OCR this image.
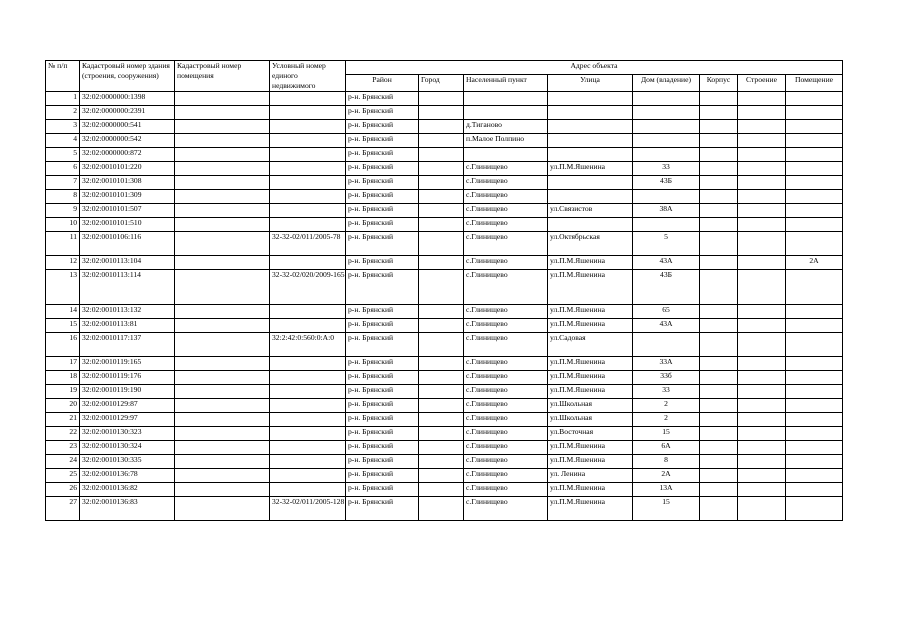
№ п/п	Кадастровый номер здания (строения, сооружения)	Кадастровый номер помещения	Условный номер единого недвижимого	Адрес объекта							
				Район	Город	Населенный пункт	Улица	Дом (владение)	Корпус	Строение	Помещение
1	32:02:0000000:1398			р-н. Брянский							
2	32:02:0000000:2391			р-н. Брянский							
3	32:02:0000000:541			р-н. Брянский		д.Тиганово					
4	32:02:0000000:542			р-н. Брянский		п.Малое Полпино					
5	32:02:0000000:872			р-н. Брянский							
6	32:02:0010101:220			р-н. Брянский		с.Глинищево	ул.П.М.Яшенина	33			
7	32:02:0010101:308			р-н. Брянский		с.Глинищево		43Б			
8	32:02:0010101:309			р-н. Брянский		с.Глинищево					
9	32:02:0010101:507			р-н. Брянский		с.Глинищево	ул.Связистов	38А			
10	32:02:0010101:510			р-н. Брянский		с.Глинищево					
11	32:02:0010106:116		32-32-02/011/2005-78	р-н. Брянский		с.Глинищево	ул.Октябрьская	5			
12	32:02:0010113:104			р-н. Брянский		с.Глинищево	ул.П.М.Яшенина	43А			2А
13	32:02:0010113:114		32-32-02/020/2009-165	р-н. Брянский		с.Глинищево	ул.П.М.Яшенина	43Б			
14	32:02:0010113:132			р-н. Брянский		с.Глинищево	ул.П.М.Яшенина	65			
15	32:02:0010113:81			р-н. Брянский		с.Глинищево	ул.П.М.Яшенина	43А			
16	32:02:0010117:137		32:2:42:0:560:0:А:0	р-н. Брянский		с.Глинищево	ул.Садовая				
17	32:02:0010119:165			р-н. Брянский		с.Глинищево	ул.П.М.Яшенина	33А			
18	32:02:0010119:176			р-н. Брянский		с.Глинищево	ул.П.М.Яшенина	33б			
19	32:02:0010119:190			р-н. Брянский		с.Глинищево	ул.П.М.Яшенина	33			
20	32:02:0010129:87			р-н. Брянский		с.Глинищево	ул.Школьная	2			
21	32:02:0010129:97			р-н. Брянский		с.Глинищево	ул.Школьная	2			
22	32:02:0010130:323			р-н. Брянский		с.Глинищево	ул.Восточная	15			
23	32:02:0010130:324			р-н. Брянский		с.Глинищево	ул.П.М.Яшенина	6А			
24	32:02:0010130:335			р-н. Брянский		с.Глинищево	ул.П.М.Яшенина	8			
25	32:02:0010136:78			р-н. Брянский		с.Глинищево	ул. Ленина	2А			
26	32:02:0010136:82			р-н. Брянский		с.Глинищево	ул.П.М.Яшенина	13А			
27	32:02:0010136:83		32-32-02/011/2005-128	р-н. Брянский		с.Глинищево	ул.П.М.Яшенина	15			
